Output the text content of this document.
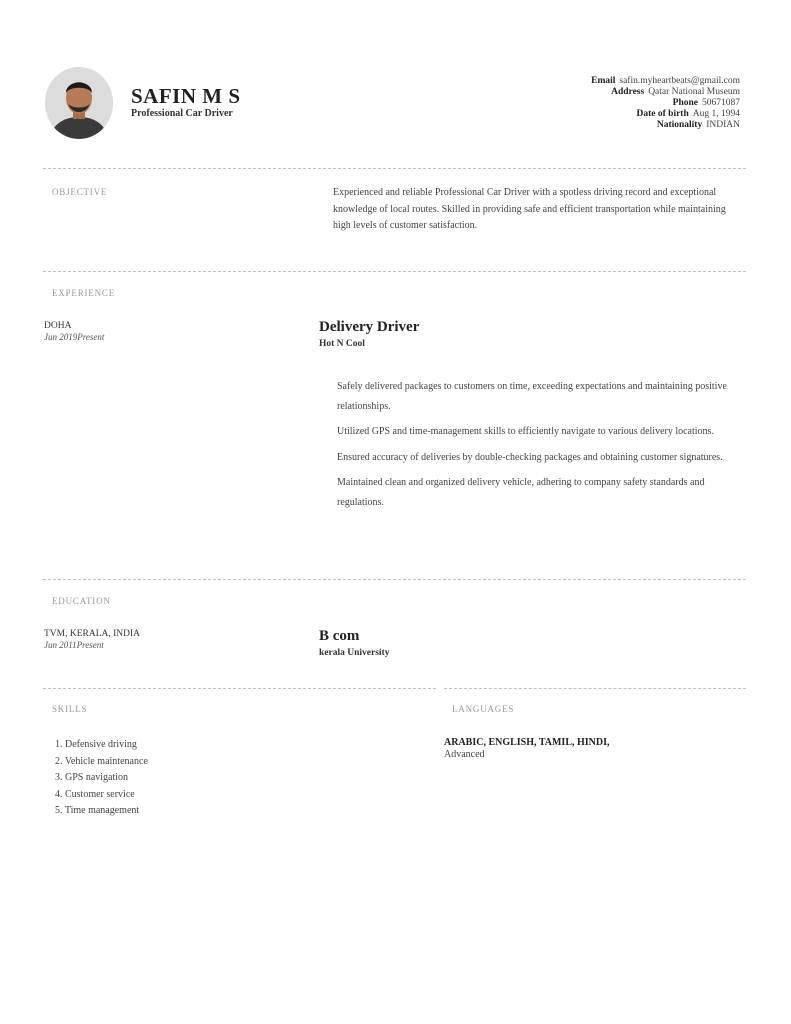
SAFIN M S
Professional Car Driver
Email safin.myheartbeats@gmail.com
Address Qatar National Museum
Phone 50671087
Date of birth Aug 1, 1994
Nationality INDIAN
OBJECTIVE	Experienced and reliable Professional Car Driver with a spotless driving record and exceptional knowledge of local routes. Skilled in providing safe and efficient transportation while maintaining high levels of customer satisfaction.
EXPERIENCE
DOHA
Jun 2019Present
Delivery Driver
Hot N Cool
Safely delivered packages to customers on time, exceeding expectations and maintaining positive relationships.
Utilized GPS and time-management skills to efficiently navigate to various delivery locations.
Ensured accuracy of deliveries by double-checking packages and obtaining customer signatures.
Maintained clean and organized delivery vehicle, adhering to company safety standards and regulations.
EDUCATION
TVM, KERALA, INDIA
Jun 2011Present
B com
kerala University
SKILLS	LANGUAGES
1. Defensive driving
2. Vehicle maintenance
3. GPS navigation
4. Customer service
5. Time management
ARABIC, ENGLISH, TAMIL, HINDI,
Advanced
